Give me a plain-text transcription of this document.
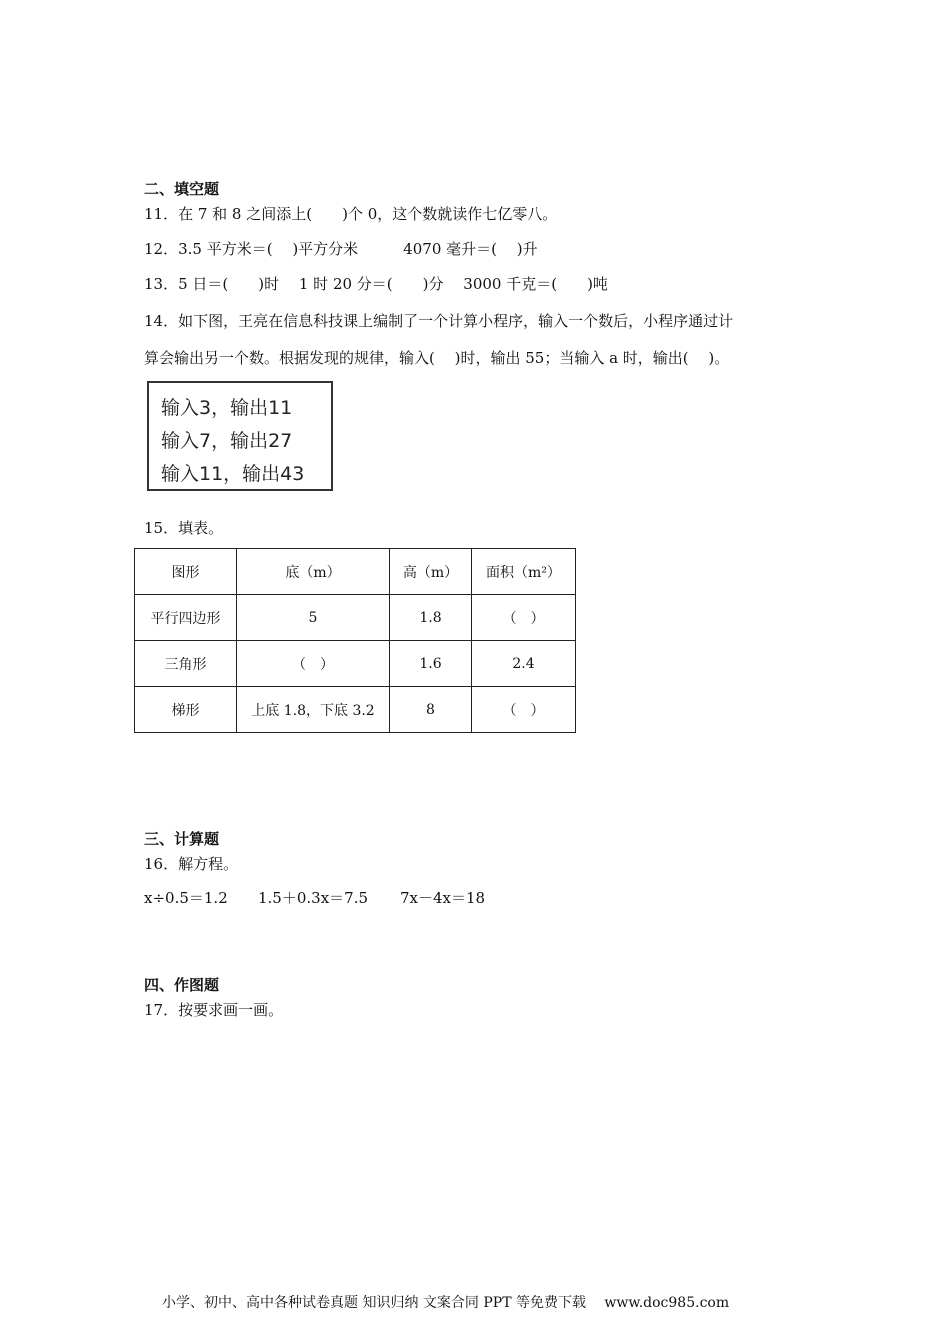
二、填空题
11．在 7 和 8 之间添上(　　)个 0，这个数就读作七亿零八。
12．3.5 平方米＝(　 )平方分米　　　4070 毫升＝(　 )升
13．5 日＝(　　)时　 1 时 20 分＝(　　)分　 3000 千克＝(　　)吨
14．如下图，王亮在信息科技课上编制了一个计算小程序，输入一个数后，小程序通过计
算会输出另一个数。根据发现的规律，输入(　 )时，输出 55；当输入 a 时，输出(　 )。
输入3，输出11
输入7，输出27
输入11，输出43
15．填表。
图形	底（m）	高（m）	面积（m²）
平行四边形	5	1.8	（　）
三角形	（　）	1.6	2.4
梯形	上底 1.8，下底 3.2	8	（　）
三、计算题
16．解方程。
x÷0.5＝1.2 1.5＋0.3x＝7.5 7x－4x＝18
四、作图题
17．按要求画一画。
小学、初中、高中各种试卷真题 知识归纳 文案合同 PPT 等免费下载　 www.doc985.com
